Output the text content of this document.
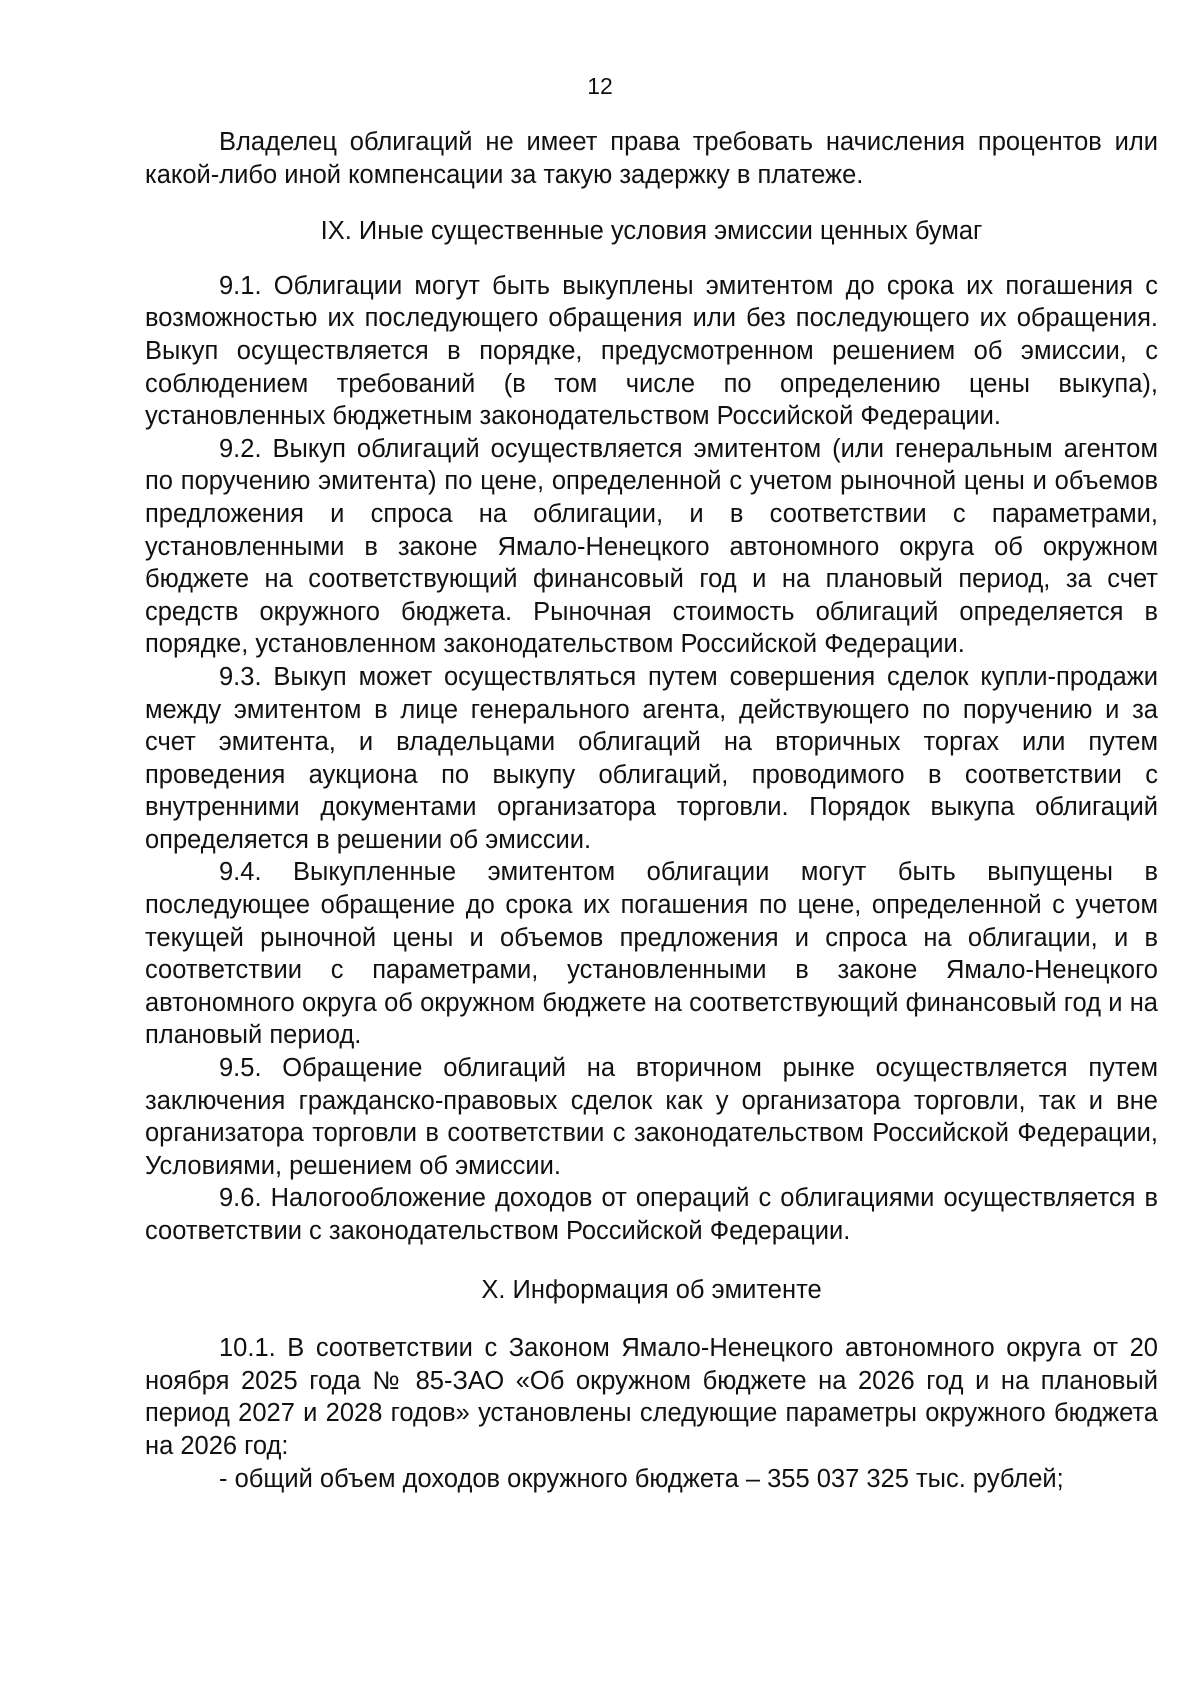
12

Владелец облигаций не имеет права требовать начисления процентов или какой-либо иной компенсации за такую задержку в платеже.

IX. Иные существенные условия эмиссии ценных бумаг

9.1. Облигации могут быть выкуплены эмитентом до срока их погашения с возможностью их последующего обращения или без последующего их обращения. Выкуп осуществляется в порядке, предусмотренном решением об эмиссии, с соблюдением требований (в том числе по определению цены выкупа), установленных бюджетным законодательством Российской Федерации.

9.2. Выкуп облигаций осуществляется эмитентом (или генеральным агентом по поручению эмитента) по цене, определенной с учетом рыночной цены и объемов предложения и спроса на облигации, и в соответствии с параметрами, установленными в законе Ямало-Ненецкого автономного округа об окружном бюджете на соответствующий финансовый год и на плановый период, за счет средств окружного бюджета. Рыночная стоимость облигаций определяется в порядке, установленном законодательством Российской Федерации.

9.3. Выкуп может осуществляться путем совершения сделок купли-продажи между эмитентом в лице генерального агента, действующего по поручению и за счет эмитента, и владельцами облигаций на вторичных торгах или путем проведения аукциона по выкупу облигаций, проводимого в соответствии с внутренними документами организатора торговли. Порядок выкупа облигаций определяется в решении об эмиссии.

9.4. Выкупленные эмитентом облигации могут быть выпущены в последующее обращение до срока их погашения по цене, определенной с учетом текущей рыночной цены и объемов предложения и спроса на облигации, и в соответствии с параметрами, установленными в законе Ямало-Ненецкого автономного округа об окружном бюджете на соответствующий финансовый год и на плановый период.

9.5. Обращение облигаций на вторичном рынке осуществляется путем заключения гражданско-правовых сделок как у организатора торговли, так и вне организатора торговли в соответствии с законодательством Российской Федерации, Условиями, решением об эмиссии.

9.6. Налогообложение доходов от операций с облигациями осуществляется в соответствии с законодательством Российской Федерации.

X. Информация об эмитенте

10.1. В соответствии с Законом Ямало-Ненецкого автономного округа от 20 ноября 2025 года № 85-ЗАО «Об окружном бюджете на 2026 год и на плановый период 2027 и 2028 годов» установлены следующие параметры окружного бюджета на 2026 год:

- общий объем доходов окружного бюджета – 355 037 325 тыс. рублей;
